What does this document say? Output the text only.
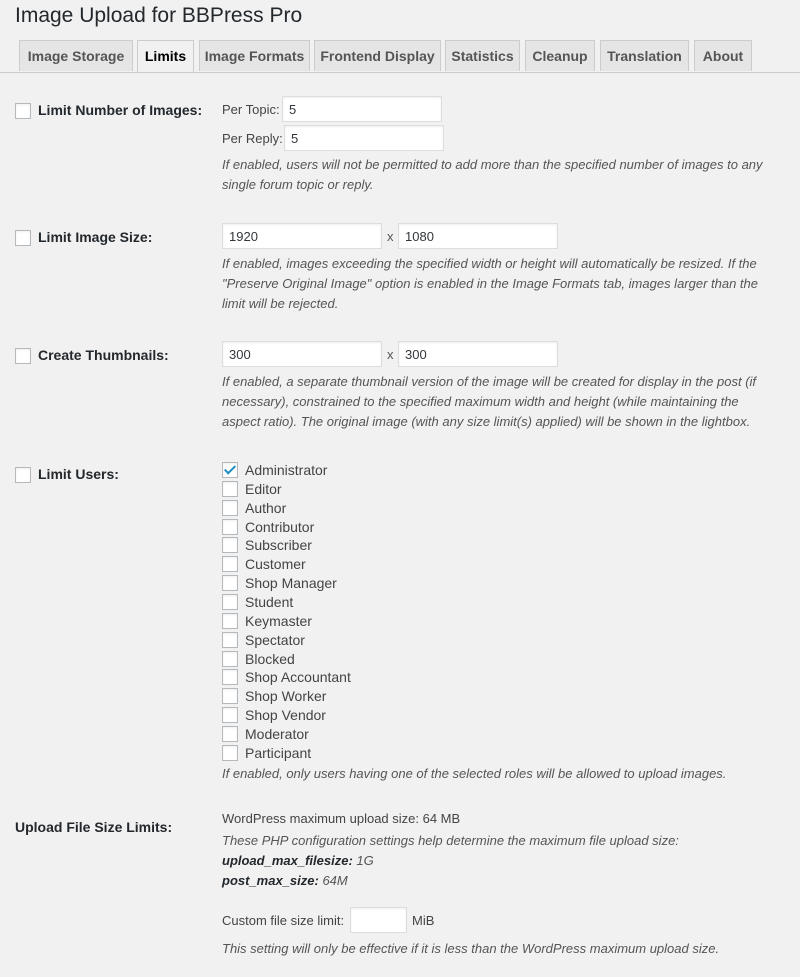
Image Upload for BBPress Pro
Image Storage	Limits	Image Formats	Frontend Display	Statistics	Cleanup	Translation	About
Limit Number of Images: Per Topic:
5
Per Reply:
5
If enabled, users will not be permitted to add more than the specified number of images to any single forum topic or reply.
Limit Image Size:
1920	x
1080
If enabled, images exceeding the specified width or height will automatically be resized. If the "Preserve Original Image" option is enabled in the Image Formats tab, images larger than the limit will be rejected.
Create Thumbnails:
300	x
300
If enabled, a separate thumbnail version of the image will be created for display in the post (if necessary), constrained to the specified maximum width and height (while maintaining the aspect ratio). The original image (with any size limit(s) applied) will be shown in the lightbox.
Limit Users:	Administrator
Editor
Author
Contributor
Subscriber
Customer
Shop Manager
Student
Keymaster
Spectator
Blocked
Shop Accountant
Shop Worker
Shop Vendor
Moderator
Participant
If enabled, only users having one of the selected roles will be allowed to upload images.
Upload File Size Limits:
WordPress maximum upload size: 64 MB
These PHP configuration settings help determine the maximum file upload size:
upload_max_filesize: 1G
post_max_size: 64M
Custom file size limit:	MiB
This setting will only be effective if it is less than the WordPress maximum upload size.
